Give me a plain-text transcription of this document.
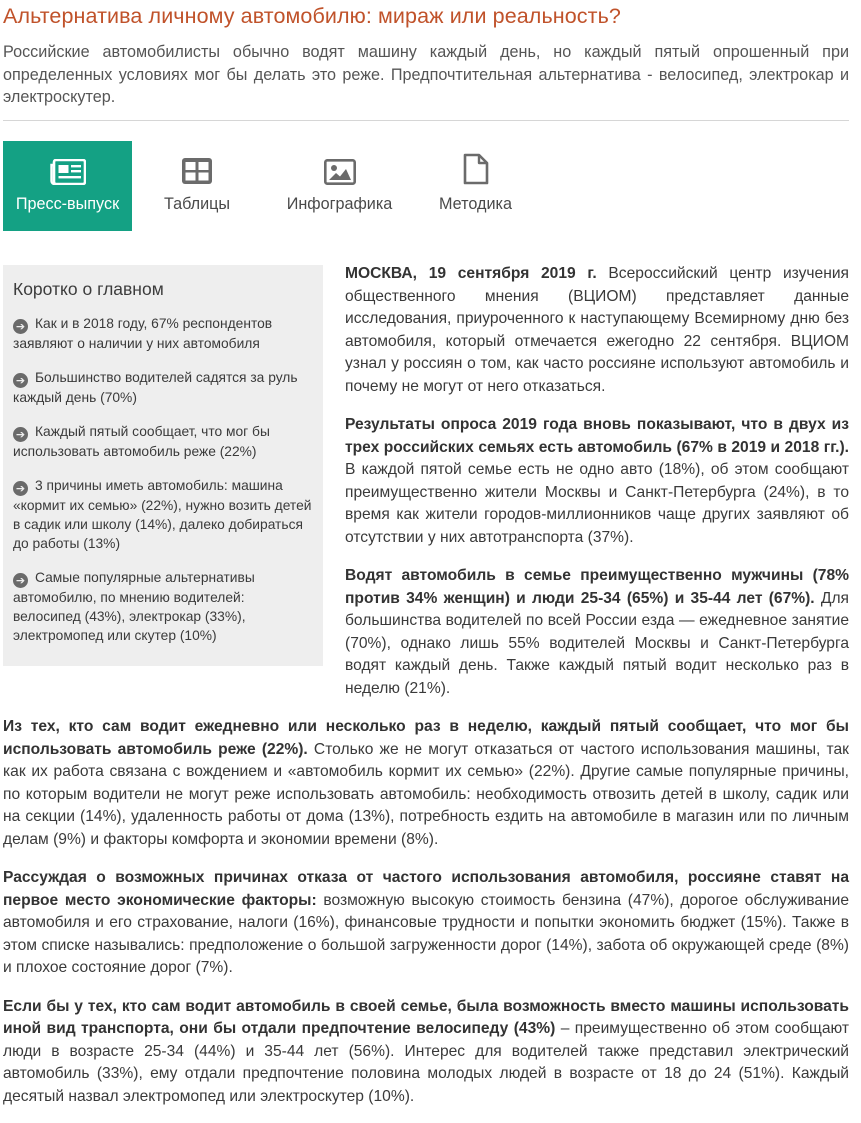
Альтернатива личному автомобилю: мираж или реальность?
Российские автомобилисты обычно водят машину каждый день, но каждый пятый опрошенный при определенных условиях мог бы делать это реже. Предпочтительная альтернатива - велосипед, электрокар и электроскутер.
Пресс-выпуск	Таблицы	Инфографика	Методика

МОСКВА, 19 сентября 2019 г. Всероссийский центр изучения общественного мнения (ВЦИОМ) представляет данные исследования, приуроченного к наступающему Всемирному дню без автомобиля, который отмечается ежегодно 22 сентября. ВЦИОМ узнал у россиян о том, как часто россияне используют автомобиль и почему не могут от него отказаться.

Результаты опроса 2019 года вновь показывают, что в двух из трех российских семьях есть автомобиль (67% в 2019 и 2018 гг.). В каждой пятой семье есть не одно авто (18%), об этом сообщают преимущественно жители Москвы и Санкт-Петербурга (24%), в то время как жители городов-миллионников чаще других заявляют об отсутствии у них автотранспорта (37%).

Водят автомобиль в семье преимущественно мужчины (78% против 34% женщин) и люди 25-34 (65%) и 35-44 лет (67%). Для большинства водителей по всей России езда — ежедневное занятие (70%), однако лишь 55% водителей Москвы и Санкт-Петербурга водят каждый день. Также каждый пятый водит несколько раз в неделю (21%).

Из тех, кто сам водит ежедневно или несколько раз в неделю, каждый пятый сообщает, что мог бы использовать автомобиль реже (22%). Столько же не могут отказаться от частого использования машины, так как их работа связана с вождением и «автомобиль кормит их семью» (22%). Другие самые популярные причины, по которым водители не могут реже использовать автомобиль: необходимость отвозить детей в школу, садик или на секции (14%), удаленность работы от дома (13%), потребность ездить на автомобиле в магазин или по личным делам (9%) и факторы комфорта и экономии времени (8%).

Рассуждая о возможных причинах отказа от частого использования автомобиля, россияне ставят на первое место экономические факторы: возможную высокую стоимость бензина (47%), дорогое обслуживание автомобиля и его страхование, налоги (16%), финансовые трудности и попытки экономить бюджет (15%). Также в этом списке назывались: предположение о большой загруженности дорог (14%), забота об окружающей среде (8%) и плохое состояние дорог (7%).

Если бы у тех, кто сам водит автомобиль в своей семье, была возможность вместо машины использовать иной вид транспорта, они бы отдали предпочтение велосипеду (43%) – преимущественно об этом сообщают люди в возрасте 25-34 (44%) и 35-44 лет (56%). Интерес для водителей также представил электрический автомобиль (33%), ему отдали предпочтение половина молодых людей в возрасте от 18 до 24 (51%). Каждый десятый назвал электромопед или электроскутер (10%).

Коротко о главном
➔ Как и в 2018 году, 67% респондентов заявляют о наличии у них автомобиля
➔ Большинство водителей садятся за руль каждый день (70%)
➔ Каждый пятый сообщает, что мог бы использовать автомобиль реже (22%)
➔ 3 причины иметь автомобиль: машина «кормит их семью» (22%), нужно возить детей в садик или школу (14%), далеко добираться до работы (13%)
➔ Самые популярные альтернативы автомобилю, по мнению водителей: велосипед (43%), электрокар (33%), электромопед или скутер (10%)
